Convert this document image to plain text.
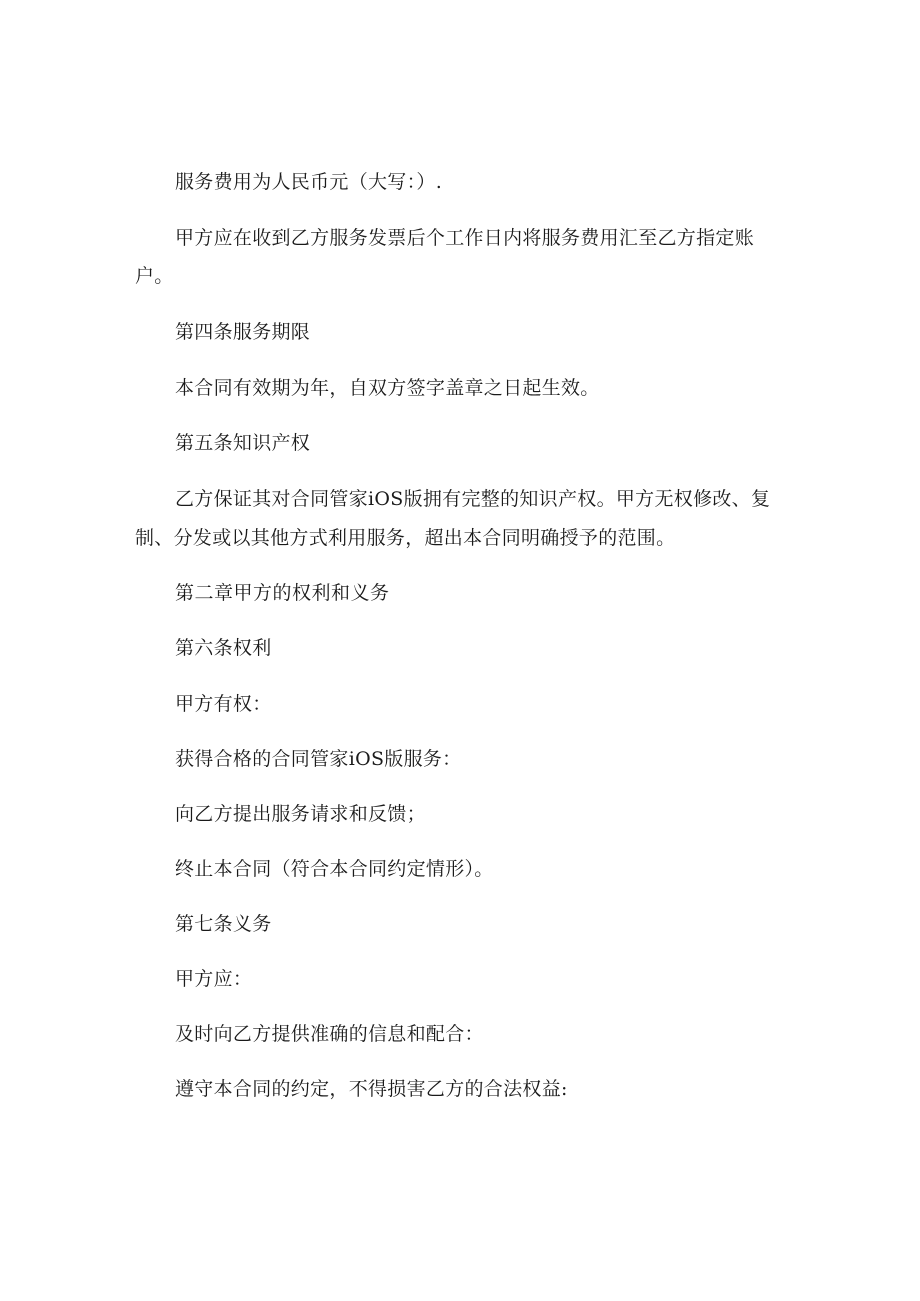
服务费用为人民币元（大写：）.
甲方应在收到乙方服务发票后个工作日内将服务费用汇至乙方指定账
户。
第四条服务期限
本合同有效期为年，自双方签字盖章之日起生效。
第五条知识产权
乙方保证其对合同管家iOS版拥有完整的知识产权。甲方无权修改、复
制、分发或以其他方式利用服务，超出本合同明确授予的范围。
第二章甲方的权利和义务
第六条权利
甲方有权：
获得合格的合同管家iOS版服务：
向乙方提出服务请求和反馈；
终止本合同（符合本合同约定情形）。
第七条义务
甲方应：
及时向乙方提供准确的信息和配合：
遵守本合同的约定，不得损害乙方的合法权益:
